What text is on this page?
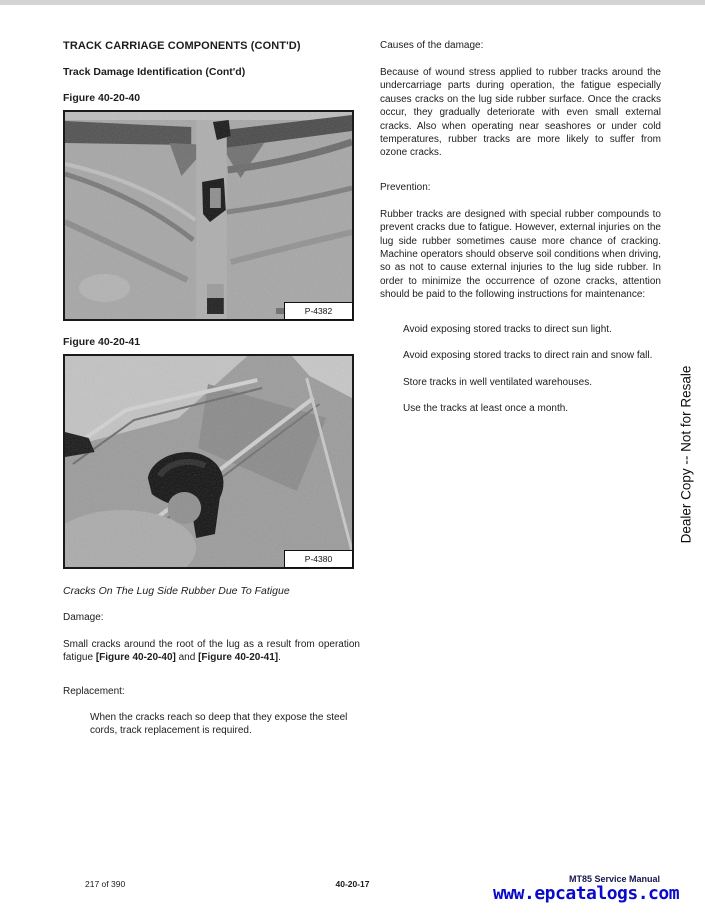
TRACK CARRIAGE COMPONENTS (CONT'D)
Track Damage Identification (Cont'd)
Figure 40-20-40
P-4382
Figure 40-20-41
P-4380
Cracks On The Lug Side Rubber Due To Fatigue
Damage:

Small cracks around the root of the lug as a result from operation fatigue [Figure 40-20-40] and [Figure 40-20-41].

Replacement:

When the cracks reach so deep that they expose the steel cords, track replacement is required.

Causes of the damage:

Because of wound stress applied to rubber tracks around the undercarriage parts during operation, the fatigue especially causes cracks on the lug side rubber surface. Once the cracks occur, they gradually deteriorate with even small external cracks. Also when operating near seashores or under cold temperatures, rubber tracks are more likely to suffer from ozone cracks.

Prevention:

Rubber tracks are designed with special rubber compounds to prevent cracks due to fatigue. However, external injuries on the lug side rubber sometimes cause more chance of cracking. Machine operators should observe soil conditions when driving, so as not to cause external injuries to the lug side rubber. In order to minimize the occurrence of ozone cracks, attention should be paid to the following instructions for maintenance:

Avoid exposing stored tracks to direct sun light.
Avoid exposing stored tracks to direct rain and snow fall.
Store tracks in well ventilated warehouses.
Use the tracks at least once a month.	Dealer Copy -- Not for Resale
217 of 390	40-20-17	MT85 Service Manual
www.epcatalogs.com
